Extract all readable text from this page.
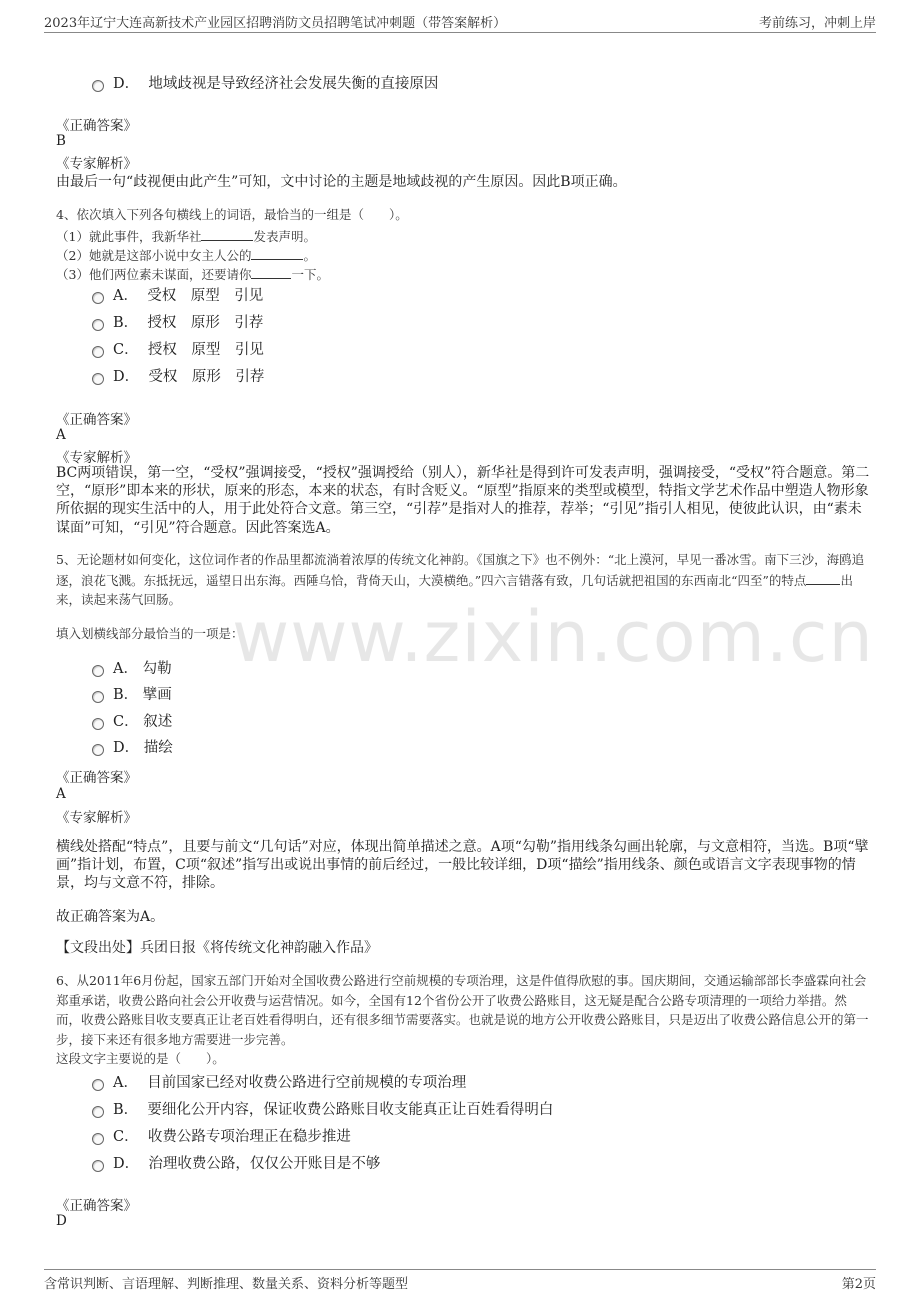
2023年辽宁大连高新技术产业园区招聘消防文员招聘笔试冲刺题（带答案解析）	考前练习，冲刺上岸
D． 地域歧视是导致经济社会发展失衡的直接原因
《正确答案》
B
《专家解析》
由最后一句“歧视便由此产生”可知，文中讨论的主题是地域歧视的产生原因。因此B项正确。
4、依次填入下列各句横线上的词语，最恰当的一组是（　　）。
（1）就此事件，我新华社	发表声明。
（2）她就是这部小说中女主人公的	。
（3）他们两位素未谋面，还要请你	一下。
A． 受权　原型　引见
B． 授权　原形　引荐
C． 授权　原型　引见
D． 受权　原形　引荐
《正确答案》
A
《专家解析》
BC两项错误，第一空，“受权”强调接受，“授权”强调授给（别人），新华社是得到许可发表声明，强调接受，“受权”符合题意。第二空，“原形”即本来的形状，原来的形态，本来的状态，有时含贬义。“原型”指原来的类型或模型，特指文学艺术作品中塑造人物形象所依据的现实生活中的人，用于此处符合文意。第三空，“引荐”是指对人的推荐，荐举；“引见”指引人相见，使彼此认识，由“素未谋面”可知，“引见”符合题意。因此答案选A。
5、无论题材如何变化，这位词作者的作品里都流淌着浓厚的传统文化神韵。《国旗之下》也不例外：“北上漠河，早见一番冰雪。南下三沙，海鸥追逐，浪花飞溅。东抵抚远，遥望日出东海。西陲乌恰，背倚天山，大漠横绝。”四六言错落有致，几句话就把祖国的东西南北“四至”的特点	出来，读起来荡气回肠。
填入划横线部分最恰当的一项是：
www.zixin.com.cn
A． 勾勒
B． 擘画
C． 叙述
D． 描绘
《正确答案》
A
《专家解析》
横线处搭配“特点”，且要与前文“几句话”对应，体现出简单描述之意。A项“勾勒”指用线条勾画出轮廓，与文意相符，当选。B项“擘画”指计划，布置，C项“叙述”指写出或说出事情的前后经过，一般比较详细，D项“描绘”指用线条、颜色或语言文字表现事物的情景，均与文意不符，排除。
故正确答案为A。
【文段出处】兵团日报《将传统文化神韵融入作品》
6、从2011年6月份起，国家五部门开始对全国收费公路进行空前规模的专项治理，这是件值得欣慰的事。国庆期间，交通运输部部长李盛霖向社会郑重承诺，收费公路向社会公开收费与运营情况。如今，全国有12个省份公开了收费公路账目，这无疑是配合公路专项清理的一项给力举措。然而，收费公路账目收支要真正让老百姓看得明白，还有很多细节需要落实。也就是说的地方公开收费公路账目，只是迈出了收费公路信息公开的第一步，接下来还有很多地方需要进一步完善。
这段文字主要说的是（　　）。
A． 目前国家已经对收费公路进行空前规模的专项治理
B． 要细化公开内容，保证收费公路账目收支能真正让百姓看得明白
C． 收费公路专项治理正在稳步推进
D． 治理收费公路，仅仅公开账目是不够
《正确答案》
D
含常识判断、言语理解、判断推理、数量关系、资料分析等题型	第2页
